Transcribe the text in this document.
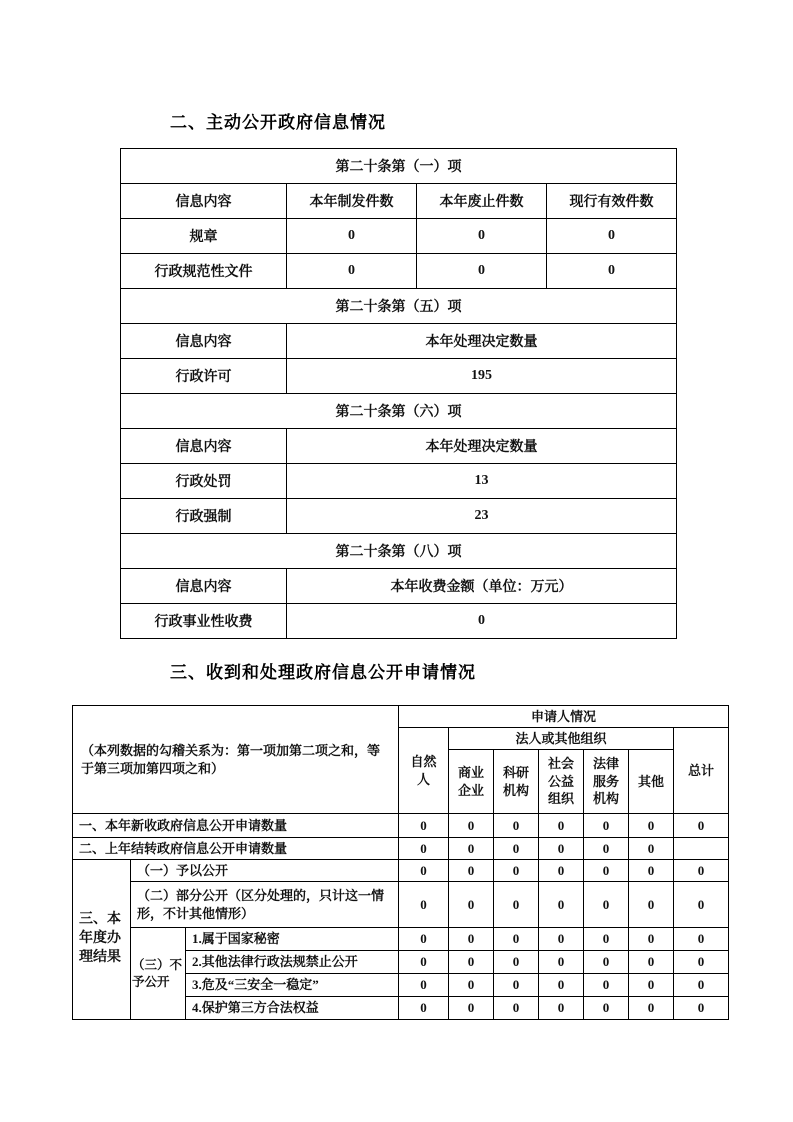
二、主动公开政府信息情况
第二十条第（一）项			
信息内容	本年制发件数	本年废止件数	现行有效件数
规章	0	0	0
行政规范性文件	0	0	0
第二十条第（五）项			
信息内容	本年处理决定数量		
行政许可	195		
第二十条第（六）项			
信息内容	本年处理决定数量		
行政处罚	13		
行政强制	23		
第二十条第（八）项			
信息内容	本年收费金额（单位：万元）		
行政事业性收费	0		
三、收到和处理政府信息公开申请情况
（本列数据的勾稽关系为：第一项加第二项之和，等于第三项加第四项之和）			申请人情况						
			自然人	法人或其他组织					总计
				商业企业	科研机构	社会公益组织	法律服务机构	其他	
一、本年新收政府信息公开申请数量			0	0	0	0	0	0	0
二、上年结转政府信息公开申请数量			0	0	0	0	0	0	
三、本年度办理结果	（一）予以公开		0	0	0	0	0	0	0
	（二）部分公开（区分处理的，只计这一情形，不计其他情形）		0	0	0	0	0	0	0
	（三）不予公开	1.属于国家秘密	0	0	0	0	0	0	0
		2.其他法律行政法规禁止公开	0	0	0	0	0	0	0
		3.危及“三安全一稳定”	0	0	0	0	0	0	0
		4.保护第三方合法权益	0	0	0	0	0	0	0
